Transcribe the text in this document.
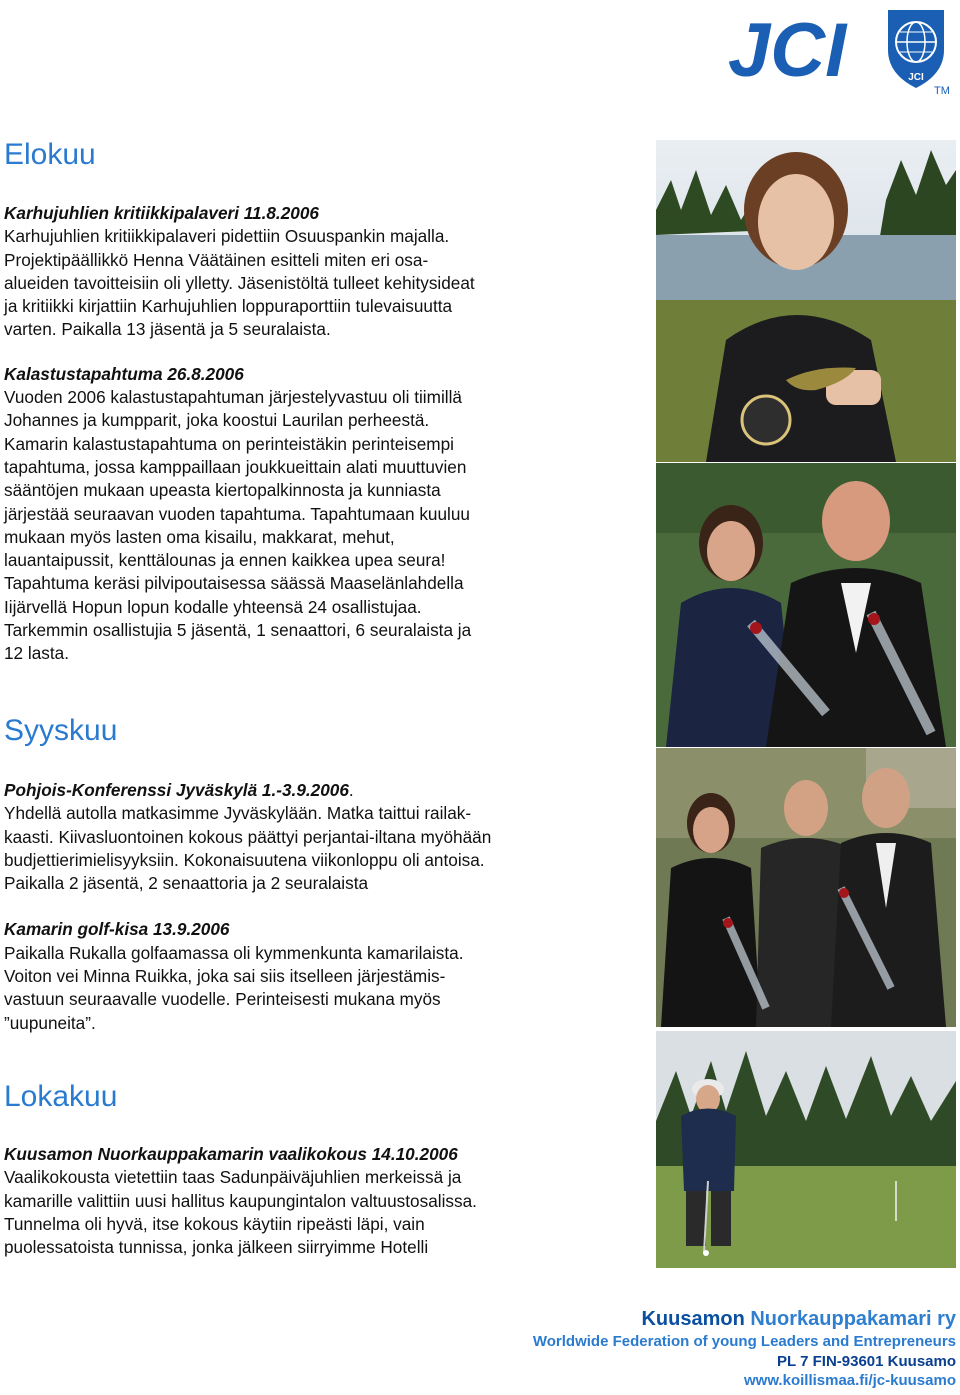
JCI	JCI
TM
Elokuu

Karhujuhlien kritiikkipalaveri 11.8.2006

Karhujuhlien kritiikkipalaveri pidettiin Osuuspankin majalla.

Projektipäällikkö Henna Väätäinen esitteli miten eri osa-

alueiden tavoitteisiin oli ylletty. Jäsenistöltä tulleet kehitysideat

ja kritiikki kirjattiin Karhujuhlien loppuraporttiin tulevaisuutta

varten. Paikalla 13 jäsentä ja 5 seuralaista.

Kalastustapahtuma 26.8.2006

Vuoden 2006 kalastustapahtuman järjestelyvastuu oli tiimillä

Johannes ja kumpparit, joka koostui Laurilan perheestä.

Kamarin kalastustapahtuma on perinteistäkin perinteisempi

tapahtuma, jossa kamppaillaan joukkueittain alati muuttuvien

sääntöjen mukaan upeasta kiertopalkinnosta ja kunniasta

järjestää seuraavan vuoden tapahtuma. Tapahtumaan kuuluu

mukaan myös lasten oma kisailu, makkarat, mehut,

lauantaipussit, kenttälounas ja ennen kaikkea upea seura!

Tapahtuma keräsi pilvipoutaisessa säässä Maaselänlahdella

Iijärvellä Hopun lopun kodalle yhteensä 24 osallistujaa.

Tarkemmin osallistujia 5 jäsentä, 1 senaattori, 6 seuralaista ja

12 lasta.

Syyskuu

Pohjois-Konferenssi Jyväskylä 1.-3.9.2006.

Yhdellä autolla matkasimme Jyväskylään. Matka taittui railak-

kaasti. Kiivasluontoinen kokous päättyi perjantai-iltana myöhään

budjettierimielisyyksiin. Kokonaisuutena viikonloppu oli antoisa.

Paikalla 2 jäsentä, 2 senaattoria ja 2 seuralaista

Kamarin golf-kisa 13.9.2006

Paikalla Rukalla golfaamassa oli kymmenkunta kamarilaista.

Voiton vei Minna Ruikka, joka sai siis itselleen järjestämis-

vastuun seuraavalle vuodelle. Perinteisesti mukana myös

”uupuneita”.

Lokakuu

Kuusamon Nuorkauppakamarin vaalikokous 14.10.2006

Vaalikokousta vietettiin taas Sadunpäiväjuhlien merkeissä ja

kamarille valittiin uusi hallitus kaupungintalon valtuustosalissa.

Tunnelma oli hyvä, itse kokous käytiin ripeästi läpi, vain

puolessatoista tunnissa, jonka jälkeen siirryimme Hotelli

Kuusamon Nuorkauppakamari ry
Worldwide Federation of young Leaders and Entrepreneurs
PL 7 FIN-93601 Kuusamo
www.koillismaa.fi/jc-kuusamo
